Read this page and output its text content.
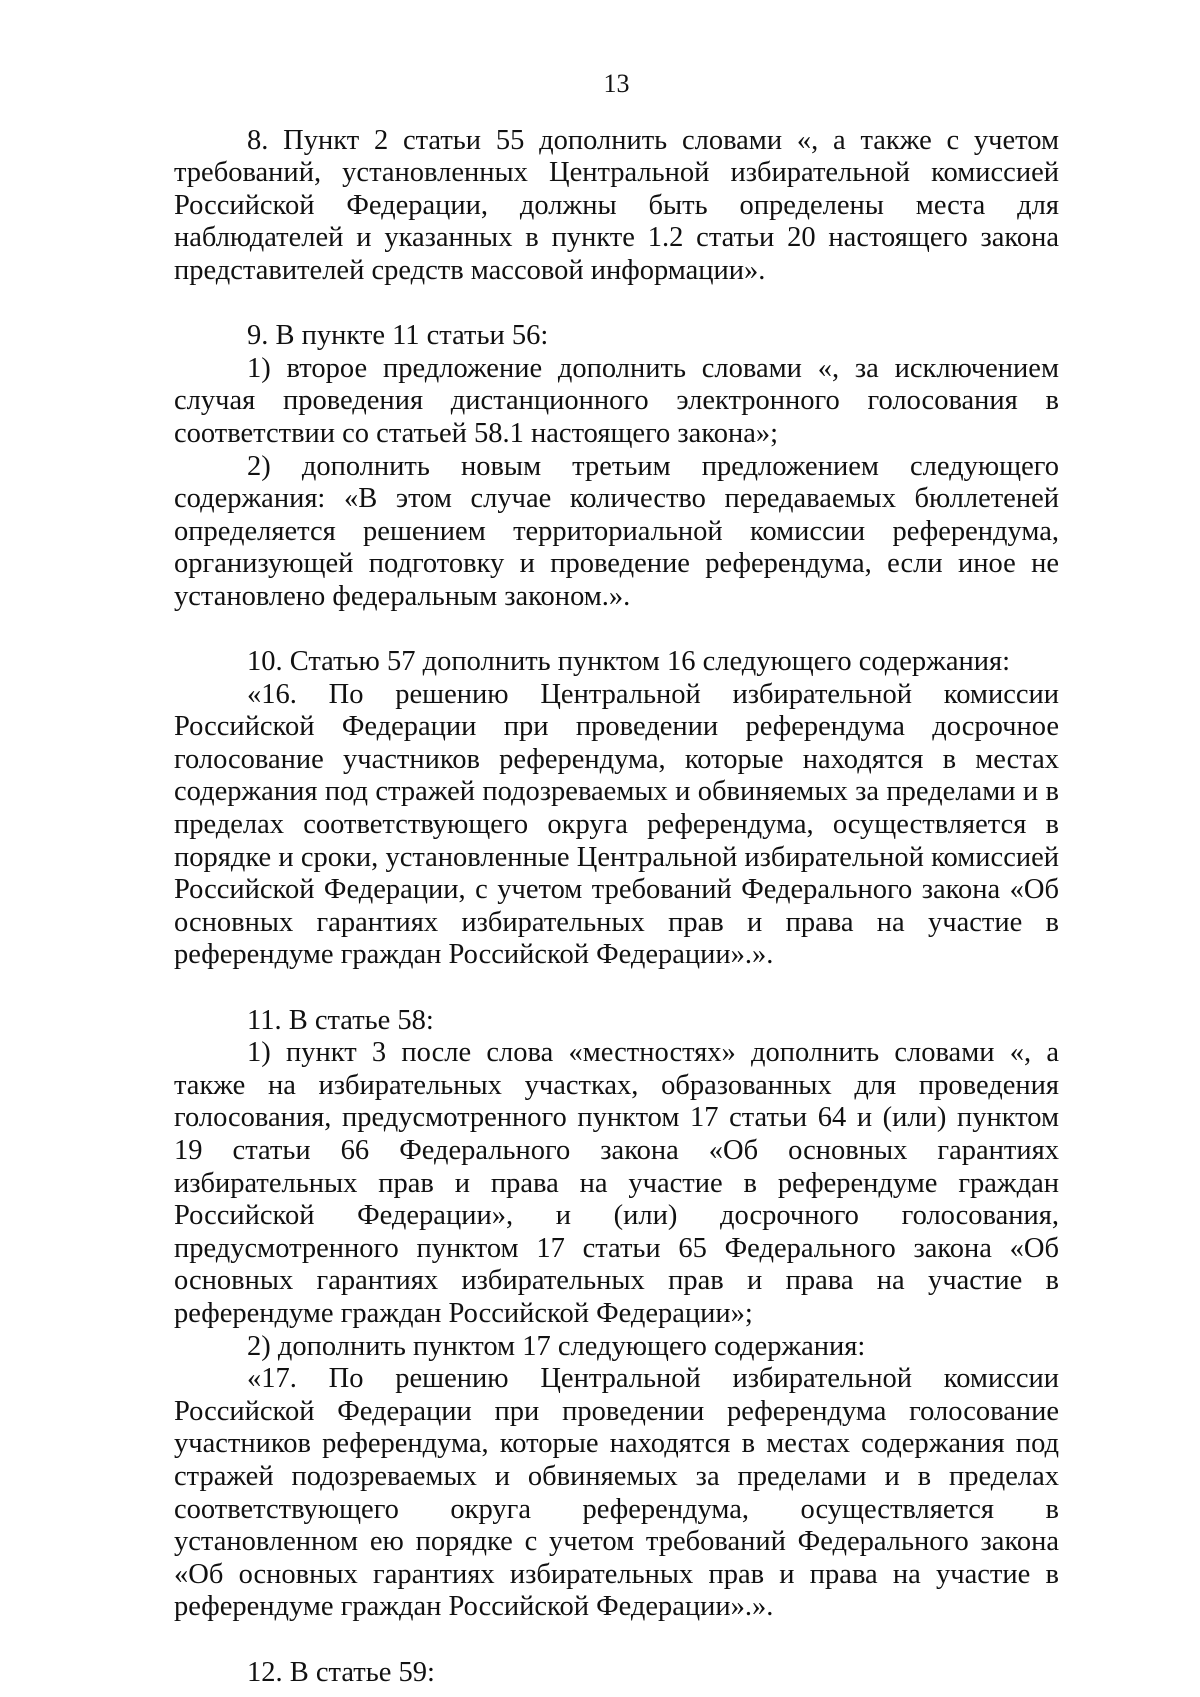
13

8. Пункт 2 статьи 55 дополнить словами «, а также с учетом требований, установленных Центральной избирательной комиссией Российской Федерации, должны быть определены места для наблюдателей и указанных в пункте 1.2 статьи 20 настоящего закона представителей средств массовой информации».

9. В пункте 11 статьи 56:

1) второе предложение дополнить словами «, за исключением случая проведения дистанционного электронного голосования в соответствии со статьей 58.1 настоящего закона»;

2) дополнить новым третьим предложением следующего содержания: «В этом случае количество передаваемых бюллетеней определяется решением территориальной комиссии референдума, организующей подготовку и проведение референдума, если иное не установлено федеральным законом.».

10. Статью 57 дополнить пунктом 16 следующего содержания:

«16. По решению Центральной избирательной комиссии Российской Федерации при проведении референдума досрочное голосование участников референдума, которые находятся в местах содержания под стражей подозреваемых и обвиняемых за пределами и в пределах соответствующего округа референдума, осуществляется в порядке и сроки, установленные Центральной избирательной комиссией Российской Федерации, с учетом требований Федерального закона «Об основных гарантиях избирательных прав и права на участие в референдуме граждан Российской Федерации».».

11. В статье 58:

1) пункт 3 после слова «местностях» дополнить словами «, а также на избирательных участках, образованных для проведения голосования, предусмотренного пунктом 17 статьи 64 и (или) пунктом 19 статьи 66 Федерального закона «Об основных гарантиях избирательных прав и права на участие в референдуме граждан Российской Федерации», и (или) досрочного голосования, предусмотренного пунктом 17 статьи 65 Федерального закона «Об основных гарантиях избирательных прав и права на участие в референдуме граждан Российской Федерации»;

2) дополнить пунктом 17 следующего содержания:

«17. По решению Центральной избирательной комиссии Российской Федерации при проведении референдума голосование участников референдума, которые находятся в местах содержания под стражей подозреваемых и обвиняемых за пределами и в пределах соответствующего округа референдума, осуществляется в установленном ею порядке с учетом требований Федерального закона «Об основных гарантиях избирательных прав и права на участие в референдуме граждан Российской Федерации».».

12. В статье 59:
